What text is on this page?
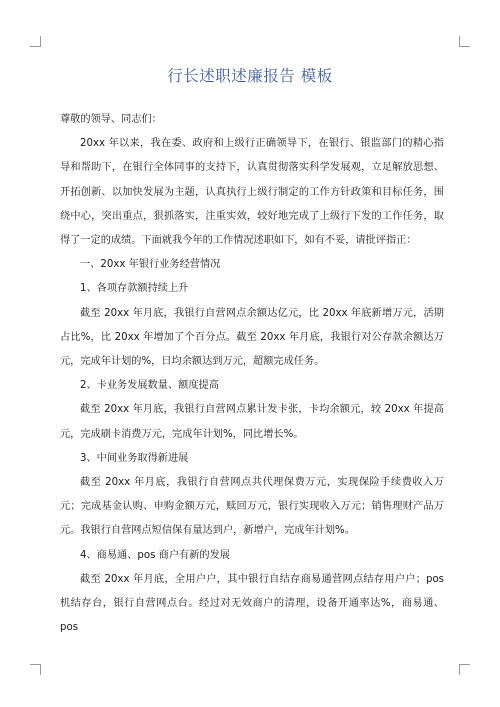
行长述职述廉报告 模板

尊敬的领导、同志们：

20xx 年以来，我在委、政府和上级行正确领导下，在银行、银监部门的精心指导和帮助下，在银行全体同事的支持下，认真贯彻落实科学发展观，立足解放思想、开拓创新、以加快发展为主题，认真执行上级行制定的工作方针政策和目标任务，围绕中心，突出重点，狠抓落实，注重实效，较好地完成了上级行下发的工作任务，取得了一定的成绩。下面就我今年的工作情况述职如下，如有不妥，请批评指正：

一、20xx 年银行业务经营情况

1、各项存款额持续上升

截至 20xx 年月底，我银行自营网点余额达亿元，比 20xx 年底新增万元，活期占比%，比 20xx 年增加了个百分点。截至 20xx 年月底，我银行对公存款余额达万元，完成年计划的%，日均余额达到万元，超额完成任务。

2、卡业务发展数量、额度提高

截至 20xx 年月底，我银行自营网点累计发卡张，卡均余额元，较 20xx 年提高元，完成刷卡消费万元，完成年计划%，同比增长%。

3、中间业务取得新进展

截至 20xx 年月底，我银行自营网点共代理保费万元，实现保险手续费收入万元；完成基金认购、申购金额万元，赎回万元，银行实现收入万元；销售理财产品万元。我银行自营网点短信保有量达到户，新增户，完成年计划%。

4、商易通、pos 商户有新的发展

截至 20xx 年月底，全用户户，其中银行自结存商易通营网点结存用户户；pos 机结存台，银行自营网点台。经过对无效商户的清理，设备开通率达%，商易通、pos
